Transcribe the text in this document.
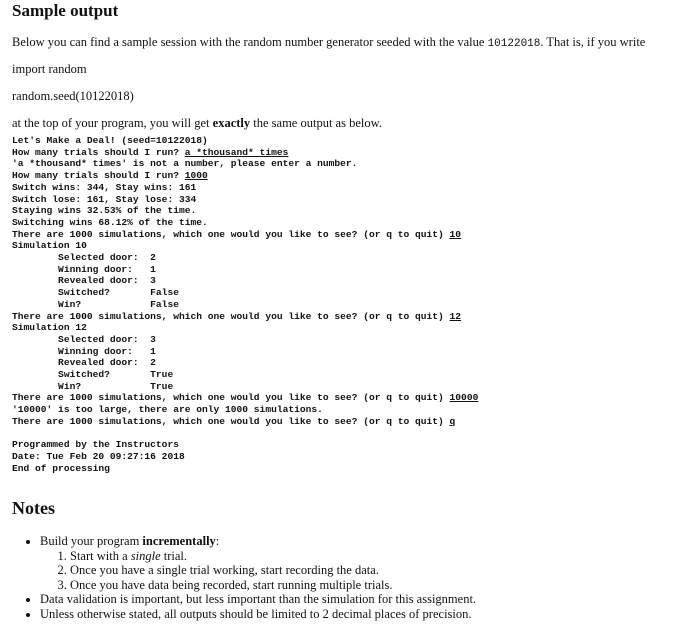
Sample output
Below you can find a sample session with the random number generator seeded with the value 10122018. That is, if you write
import random
random.seed(10122018)
at the top of your program, you will get exactly the same output as below.
Let's Make a Deal! (seed=10122018)
How many trials should I run? a *thousand* times
'a *thousand* times' is not a number, please enter a number.
How many trials should I run? 1000
Switch wins: 344, Stay wins: 161
Switch lose: 161, Stay lose: 334
Staying wins 32.53% of the time.
Switching wins 68.12% of the time.
There are 1000 simulations, which one would you like to see? (or q to quit) 10
Simulation 10
Selected door:  2
Winning door:   1
Revealed door:  3
Switched?       False
Win?            False
There are 1000 simulations, which one would you like to see? (or q to quit) 12
Simulation 12
Selected door:  3
Winning door:   1
Revealed door:  2
Switched?       True
Win?            True
There are 1000 simulations, which one would you like to see? (or q to quit) 10000
'10000' is too large, there are only 1000 simulations.
There are 1000 simulations, which one would you like to see? (or q to quit) q

Programmed by the Instructors
Date: Tue Feb 20 09:27:16 2018
End of processing
Notes
• Build your program incrementally:
1. Start with a single trial.
2. Once you have a single trial working, start recording the data.
3. Once you have data being recorded, start running multiple trials.
• Data validation is important, but less important than the simulation for this assignment.
• Unless otherwise stated, all outputs should be limited to 2 decimal places of precision.
